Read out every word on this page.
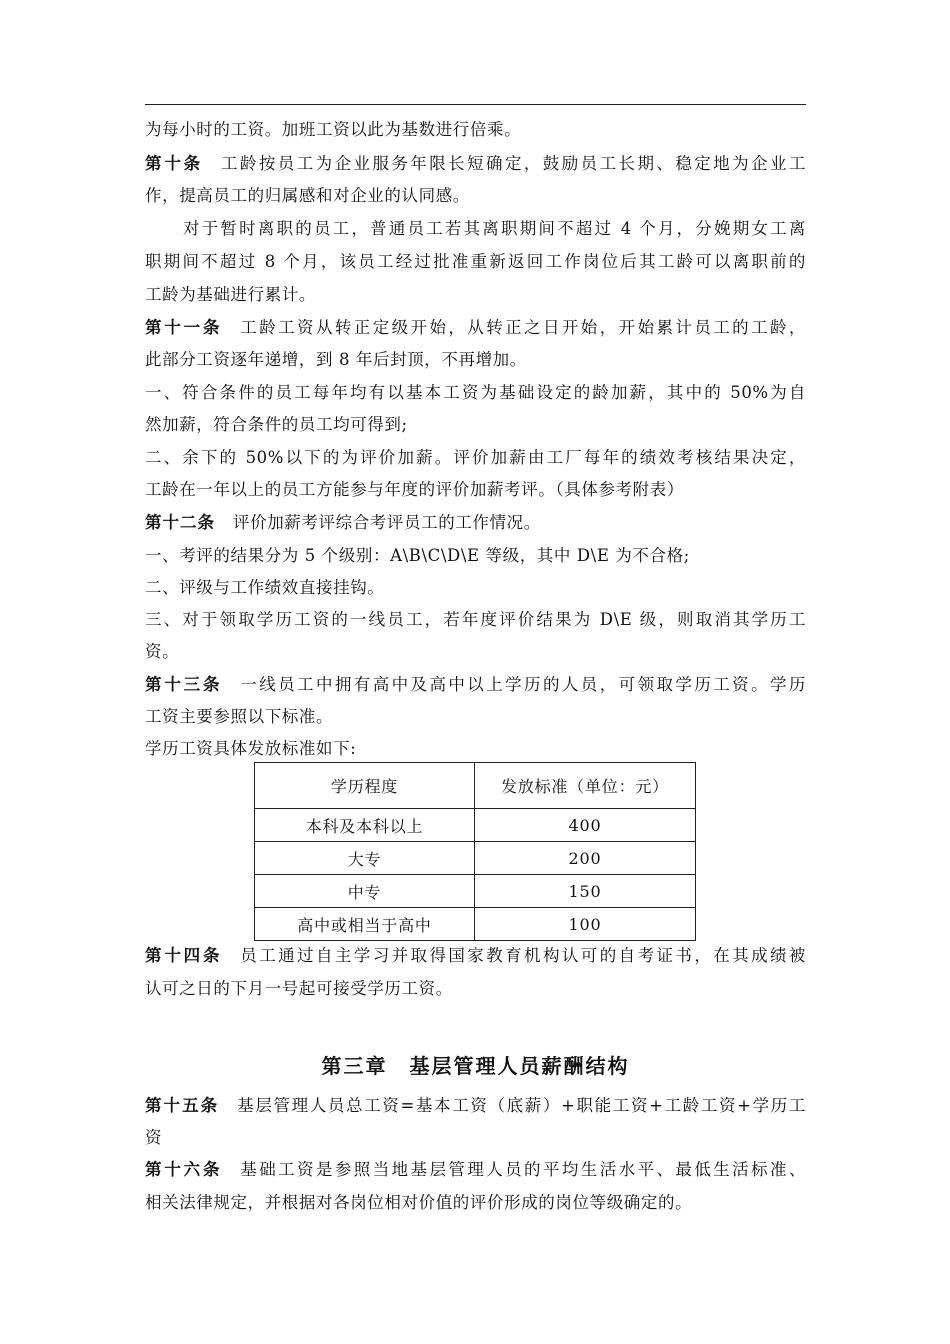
为每小时的工资。加班工资以此为基数进行倍乘。
第十条 工龄按员工为企业服务年限长短确定，鼓励员工长期、稳定地为企业工
作，提高员工的归属感和对企业的认同感。
对于暂时离职的员工，普通员工若其离职期间不超过 4 个月，分娩期女工离
职期间不超过 8 个月，该员工经过批准重新返回工作岗位后其工龄可以离职前的
工龄为基础进行累计。
第十一条 工龄工资从转正定级开始，从转正之日开始，开始累计员工的工龄，
此部分工资逐年递增，到 8 年后封顶，不再增加。
一、符合条件的员工每年均有以基本工资为基础设定的龄加薪，其中的 50%为自
然加薪，符合条件的员工均可得到;
二、余下的 50%以下的为评价加薪。评价加薪由工厂每年的绩效考核结果决定，
工龄在一年以上的员工方能参与年度的评价加薪考评。（具体参考附表）
第十二条 评价加薪考评综合考评员工的工作情况。
一、考评的结果分为 5 个级别：A\B\C\D\E 等级，其中 D\E 为不合格;
二、评级与工作绩效直接挂钩。
三、对于领取学历工资的一线员工，若年度评价结果为 D\E 级，则取消其学历工
资。
第十三条 一线员工中拥有高中及高中以上学历的人员，可领取学历工资。学历
工资主要参照以下标准。
学历工资具体发放标准如下:
学历程度	发放标准（单位：元）
本科及本科以上	400
大专	200
中专	150
高中或相当于高中	100
第十四条 员工通过自主学习并取得国家教育机构认可的自考证书，在其成绩被
认可之日的下月一号起可接受学历工资。
第三章　基层管理人员薪酬结构
第十五条 基层管理人员总工资=基本工资（底薪）+职能工资+工龄工资+学历工
资
第十六条 基础工资是参照当地基层管理人员的平均生活水平、最低生活标准、
相关法律规定，并根据对各岗位相对价值的评价形成的岗位等级确定的。
